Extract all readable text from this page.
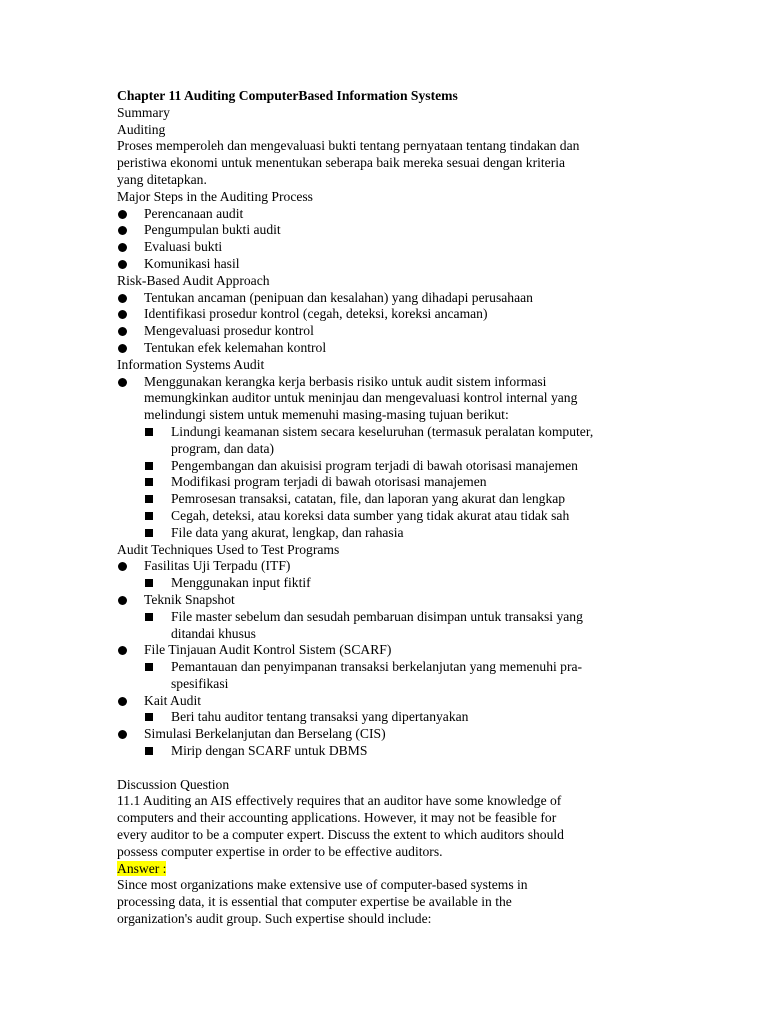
Chapter 11 Auditing ComputerBased Information Systems
Summary
Auditing
Proses memperoleh dan mengevaluasi bukti tentang pernyataan tentang tindakan dan
peristiwa ekonomi untuk menentukan seberapa baik mereka sesuai dengan kriteria
yang ditetapkan.
Major Steps in the Auditing Process
Perencanaan audit
Pengumpulan bukti audit
Evaluasi bukti
Komunikasi hasil
Risk-Based Audit Approach
Tentukan ancaman (penipuan dan kesalahan) yang dihadapi perusahaan
Identifikasi prosedur kontrol (cegah, deteksi, koreksi ancaman)
Mengevaluasi prosedur kontrol
Tentukan efek kelemahan kontrol
Information Systems Audit
Menggunakan kerangka kerja berbasis risiko untuk audit sistem informasi
memungkinkan auditor untuk meninjau dan mengevaluasi kontrol internal yang
melindungi sistem untuk memenuhi masing-masing tujuan berikut:
Lindungi keamanan sistem secara keseluruhan (termasuk peralatan komputer,
program, dan data)
Pengembangan dan akuisisi program terjadi di bawah otorisasi manajemen
Modifikasi program terjadi di bawah otorisasi manajemen
Pemrosesan transaksi, catatan, file, dan laporan yang akurat dan lengkap
Cegah, deteksi, atau koreksi data sumber yang tidak akurat atau tidak sah
File data yang akurat, lengkap, dan rahasia
Audit Techniques Used to Test Programs
Fasilitas Uji Terpadu (ITF)
Menggunakan input fiktif
Teknik Snapshot
File master sebelum dan sesudah pembaruan disimpan untuk transaksi yang
ditandai khusus
File Tinjauan Audit Kontrol Sistem (SCARF)
Pemantauan dan penyimpanan transaksi berkelanjutan yang memenuhi pra-
spesifikasi
Kait Audit
Beri tahu auditor tentang transaksi yang dipertanyakan
Simulasi Berkelanjutan dan Berselang (CIS)
Mirip dengan SCARF untuk DBMS
Discussion Question
11.1 Auditing an AIS effectively requires that an auditor have some knowledge of
computers and their accounting applications. However, it may not be feasible for
every auditor to be a computer expert. Discuss the extent to which auditors should
possess computer expertise in order to be effective auditors.
Answer :
Since most organizations make extensive use of computer-based systems in
processing data, it is essential that computer expertise be available in the
organization's audit group. Such expertise should include:
